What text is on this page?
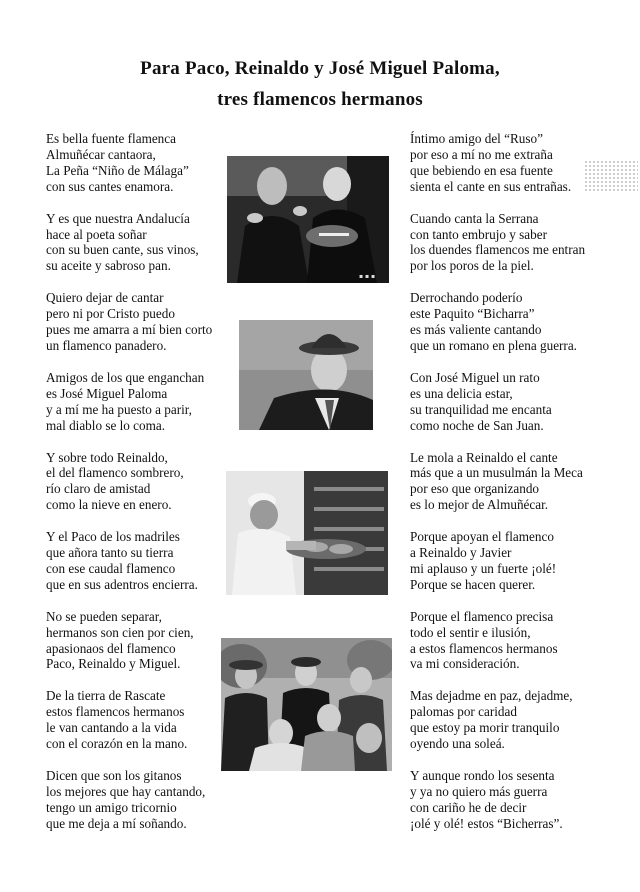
Para Paco, Reinaldo y José Miguel Paloma,
tres flamencos hermanos
Es bella fuente flamenca
Almuñécar cantaora,
La Peña “Niño de Málaga”
con sus cantes enamora.
Y es que nuestra Andalucía
hace al poeta soñar
con su buen cante, sus vinos,
su aceite y sabroso pan.
Quiero dejar de cantar
pero ni por Cristo puedo
pues me amarra a mí bien corto
un flamenco panadero.
Amigos de los que enganchan
es José Miguel Paloma
y a mí me ha puesto a parir,
mal diablo se lo coma.
Y sobre todo Reinaldo,
el del flamenco sombrero,
río claro de amistad
como la nieve en enero.
Y el Paco de los madriles
que añora tanto su tierra
con ese caudal flamenco
que en sus adentros encierra.
No se pueden separar,
hermanos son cien por cien,
apasionaos del flamenco
Paco, Reinaldo y Miguel.
De la tierra de Rascate
estos flamencos hermanos
le van cantando a la vida
con el corazón en la mano.
Dicen que son los gitanos
los mejores que hay cantando,
tengo un amigo tricornio
que me deja a mí soñando.
Íntimo amigo del “Ruso”
por eso a mí no me extraña
que bebiendo en esa fuente
sienta el cante en sus entrañas.
Cuando canta la Serrana
con tanto embrujo y saber
los duendes flamencos me entran
por los poros de la piel.
Derrochando poderío
este Paquito “Bicharra”
es más valiente cantando
que un romano en plena guerra.
Con José Miguel un rato
es una delicia estar,
su tranquilidad me encanta
como noche de San Juan.
Le mola a Reinaldo el cante
más que a un musulmán la Meca
por eso que organizando
es lo mejor de Almuñécar.
Porque apoyan el flamenco
a Reinaldo y Javier
mi aplauso y un fuerte ¡olé!
Porque se hacen querer.
Porque el flamenco precisa
todo el sentir e ilusión,
a estos flamencos hermanos
va mi consideración.
Mas dejadme en paz, dejadme,
palomas por caridad
que estoy pa morir tranquilo
oyendo una soleá.
Y aunque rondo los sesenta
y ya no quiero más guerra
con cariño he de decir
¡olé y olé! estos “Bicherras”.
▪ ▪ ▪
